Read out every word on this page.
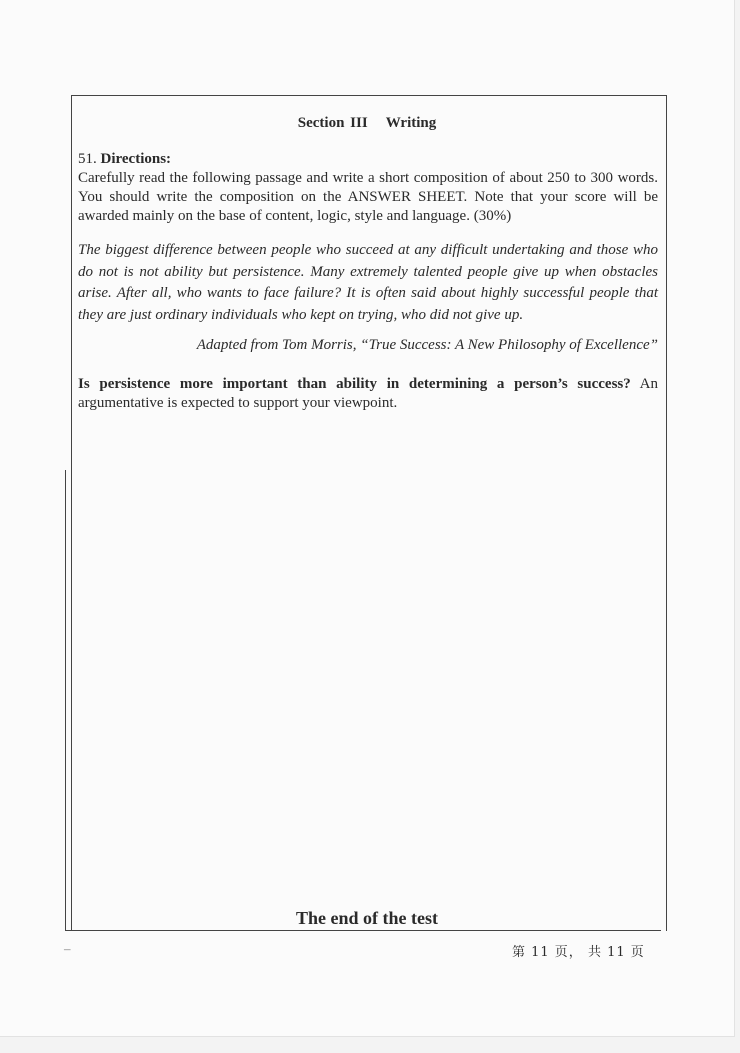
Section III Writing

51. Directions:

Carefully read the following passage and write a short composition of about 250 to 300 words. You should write the composition on the ANSWER SHEET. Note that your score will be awarded mainly on the base of content, logic, style and language. (30%)

The biggest difference between people who succeed at any difficult undertaking and those who do not is not ability but persistence. Many extremely talented people give up when obstacles arise. After all, who wants to face failure? It is often said about highly successful people that they are just ordinary individuals who kept on trying, who did not give up.

Adapted from Tom Morris, “True Success: A New Philosophy of Excellence”

Is persistence more important than ability in determining a person’s success? An argumentative is expected to support your viewpoint.

The end of the test
–	第 11 页， 共 11 页
